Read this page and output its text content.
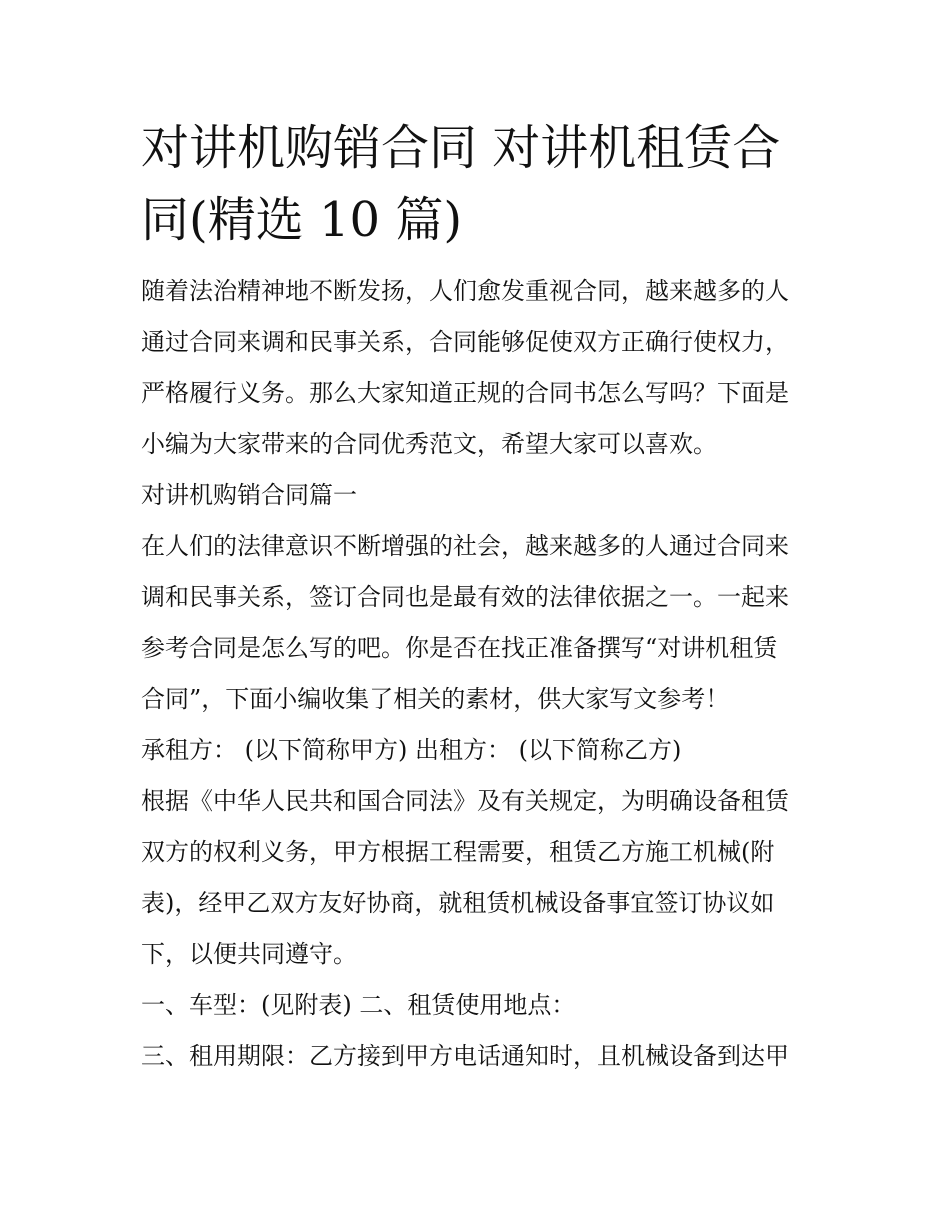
对讲机购销合同 对讲机租赁合
同(精选 10 篇)

随着法治精神地不断发扬，人们愈发重视合同，越来越多的人

通过合同来调和民事关系，合同能够促使双方正确行使权力，

严格履行义务。那么大家知道正规的合同书怎么写吗？下面是

小编为大家带来的合同优秀范文，希望大家可以喜欢。

对讲机购销合同篇一

在人们的法律意识不断增强的社会，越来越多的人通过合同来

调和民事关系，签订合同也是最有效的法律依据之一。一起来

参考合同是怎么写的吧。你是否在找正准备撰写“对讲机租赁

合同”，下面小编收集了相关的素材，供大家写文参考！

承租方： (以下简称甲方) 出租方： (以下简称乙方)

根据《中华人民共和国合同法》及有关规定，为明确设备租赁

双方的权利义务，甲方根据工程需要，租赁乙方施工机械(附

表)，经甲乙双方友好协商，就租赁机械设备事宜签订协议如

下，以便共同遵守。

一、车型：(见附表) 二、租赁使用地点：

三、租用期限：乙方接到甲方电话通知时，且机械设备到达甲
